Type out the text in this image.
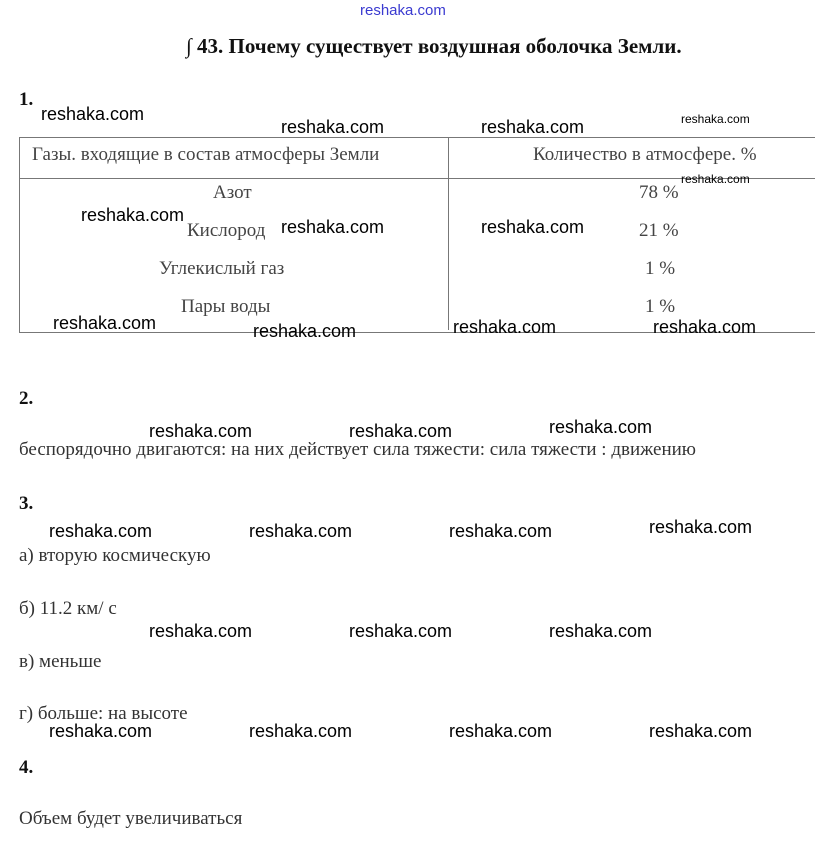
reshaka.com
∫ 43. Почему существует воздушная оболочка Земли.
1.
Газы. входящие в состав атмосферы Земли	Количество в атмосфере. %
Азот	78 %
Кислород	21 %
Углекислый газ	1 %
Пары воды	1 %
2.
беспорядочно двигаются: на них действует сила тяжести: сила тяжести : движению
3.
а) вторую космическую
б) 11.2 км/ с
в) меньше
г) больше: на высоте
4.
Объем будет увеличиваться
reshaka.com
reshaka.com	reshaka.com	reshaka.com
reshaka.com
reshaka.com
reshaka.com	reshaka.com
reshaka.com	reshaka.com	reshaka.com	reshaka.com
reshaka.com	reshaka.com	reshaka.com
reshaka.com	reshaka.com	reshaka.com	reshaka.com
reshaka.com	reshaka.com	reshaka.com
reshaka.com	reshaka.com	reshaka.com	reshaka.com
